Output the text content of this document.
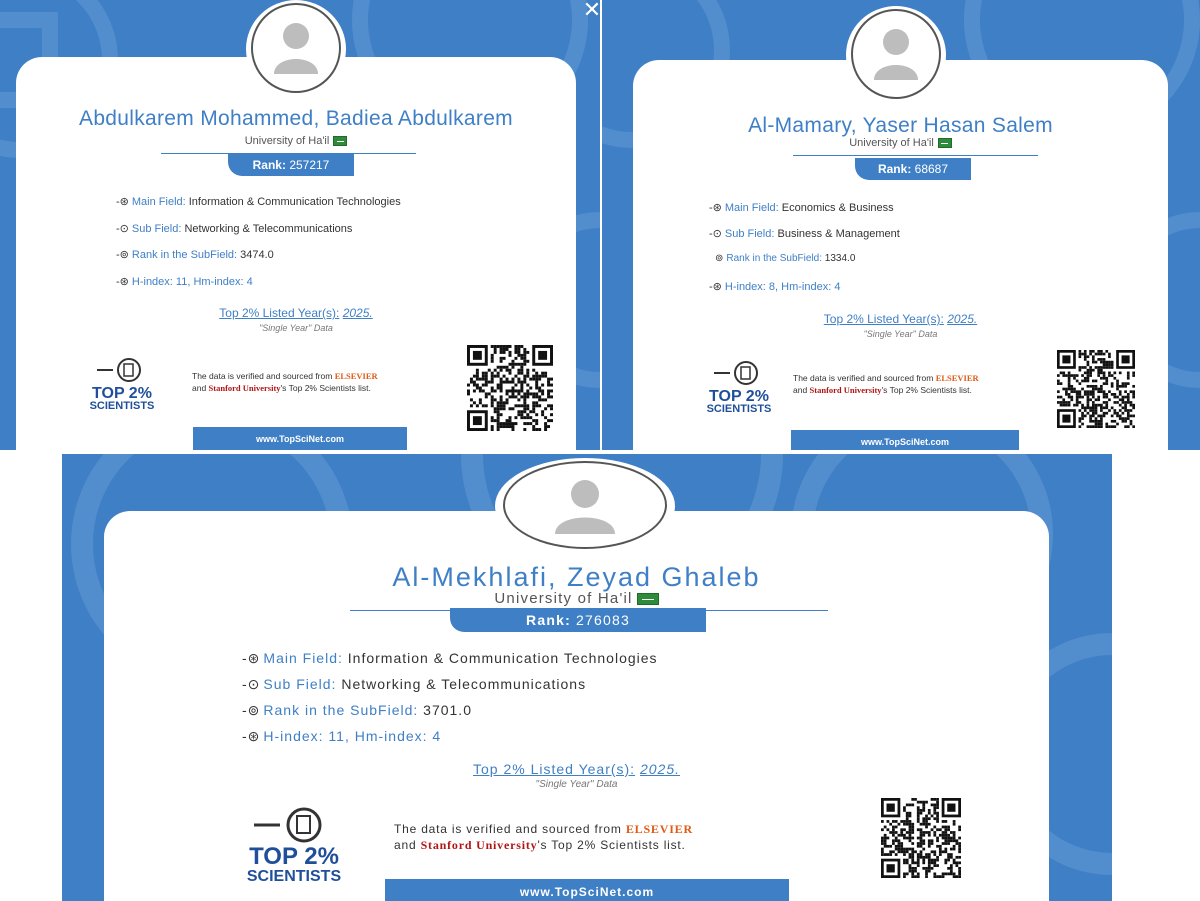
Abdulkarem Mohammed, Badiea Abdulkarem
University of Ha'il
Rank: 257217
-⊛ Main Field: Information & Communication Technologies
-⊙ Sub Field: Networking & Telecommunications
-⊚ Rank in the SubField: 3474.0
-⊛ H-index: 11, Hm-index: 4
Top 2% Listed Year(s): 2025.
"Single Year" Data
TOP 2%
SCIENTISTS
The data is verified and sourced from ELSEVIER
and Stanford University's Top 2% Scientists list.
www.TopSciNet.com
✕
Al-Mamary, Yaser Hasan Salem
University of Ha'il
Rank: 68687
-⊛ Main Field: Economics & Business
-⊙ Sub Field: Business & Management
⊚ Rank in the SubField: 1334.0
-⊛ H-index: 8, Hm-index: 4
Top 2% Listed Year(s): 2025.
"Single Year" Data
TOP 2%
SCIENTISTS
The data is verified and sourced from ELSEVIER
and Stanford University's Top 2% Scientists list.
www.TopSciNet.com
Al-Mekhlafi, Zeyad Ghaleb
University of Ha'il
Rank: 276083
-⊛ Main Field: Information & Communication Technologies
-⊙ Sub Field: Networking & Telecommunications
-⊚ Rank in the SubField: 3701.0
-⊛ H-index: 11, Hm-index: 4
Top 2% Listed Year(s): 2025.
"Single Year" Data
TOP 2%
SCIENTISTS
The data is verified and sourced from ELSEVIER
and Stanford University's Top 2% Scientists list.
www.TopSciNet.com
